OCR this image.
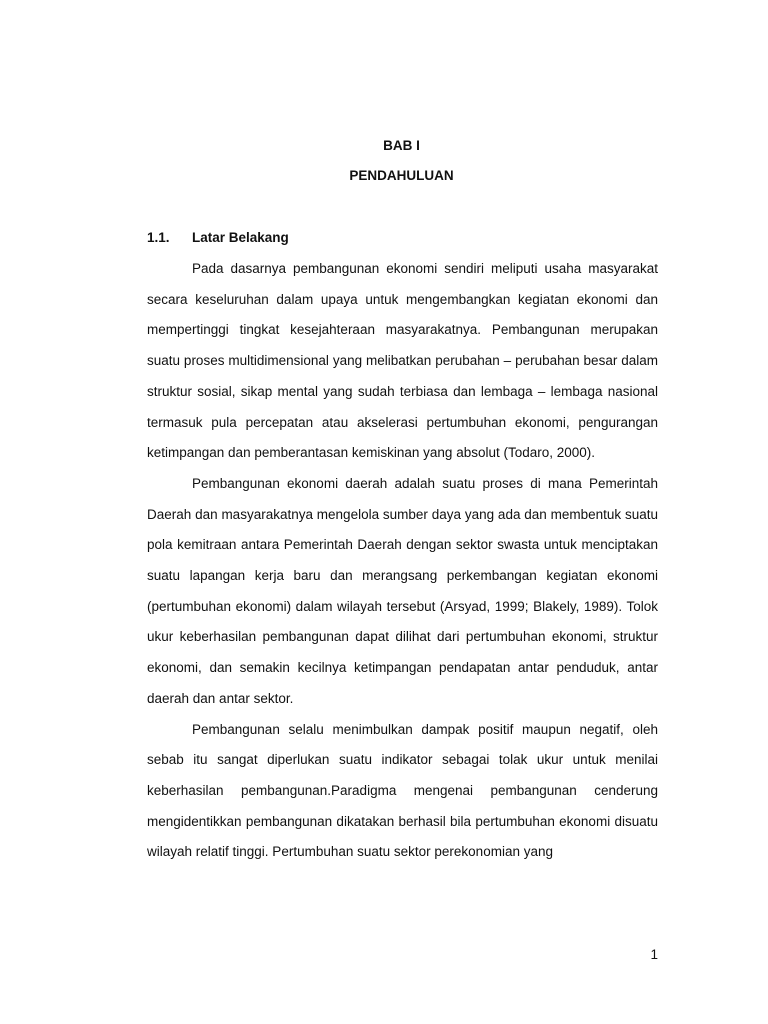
BAB I
PENDAHULUAN
1.1.	Latar Belakang

Pada dasarnya pembangunan ekonomi sendiri meliputi usaha masyarakat secara keseluruhan dalam upaya untuk mengembangkan kegiatan ekonomi dan mempertinggi tingkat kesejahteraan masyarakatnya. Pembangunan merupakan suatu proses multidimensional yang melibatkan perubahan – perubahan besar dalam struktur sosial, sikap mental yang sudah terbiasa dan lembaga – lembaga nasional termasuk pula percepatan atau akselerasi pertumbuhan ekonomi, pengurangan ketimpangan dan pemberantasan kemiskinan yang absolut (Todaro, 2000).

Pembangunan ekonomi daerah adalah suatu proses di mana Pemerintah Daerah dan masyarakatnya mengelola sumber daya yang ada dan membentuk suatu pola kemitraan antara Pemerintah Daerah dengan sektor swasta untuk menciptakan suatu lapangan kerja baru dan merangsang perkembangan kegiatan ekonomi (pertumbuhan ekonomi) dalam wilayah tersebut (Arsyad, 1999; Blakely, 1989). Tolok ukur keberhasilan pembangunan dapat dilihat dari pertumbuhan ekonomi, struktur ekonomi, dan semakin kecilnya ketimpangan pendapatan antar penduduk, antar daerah dan antar sektor.

Pembangunan selalu menimbulkan dampak positif maupun negatif, oleh sebab itu sangat diperlukan suatu indikator sebagai tolak ukur untuk menilai keberhasilan pembangunan.Paradigma mengenai pembangunan cenderung mengidentikkan pembangunan dikatakan berhasil bila pertumbuhan ekonomi disuatu wilayah relatif tinggi. Pertumbuhan suatu sektor perekonomian yang

1
